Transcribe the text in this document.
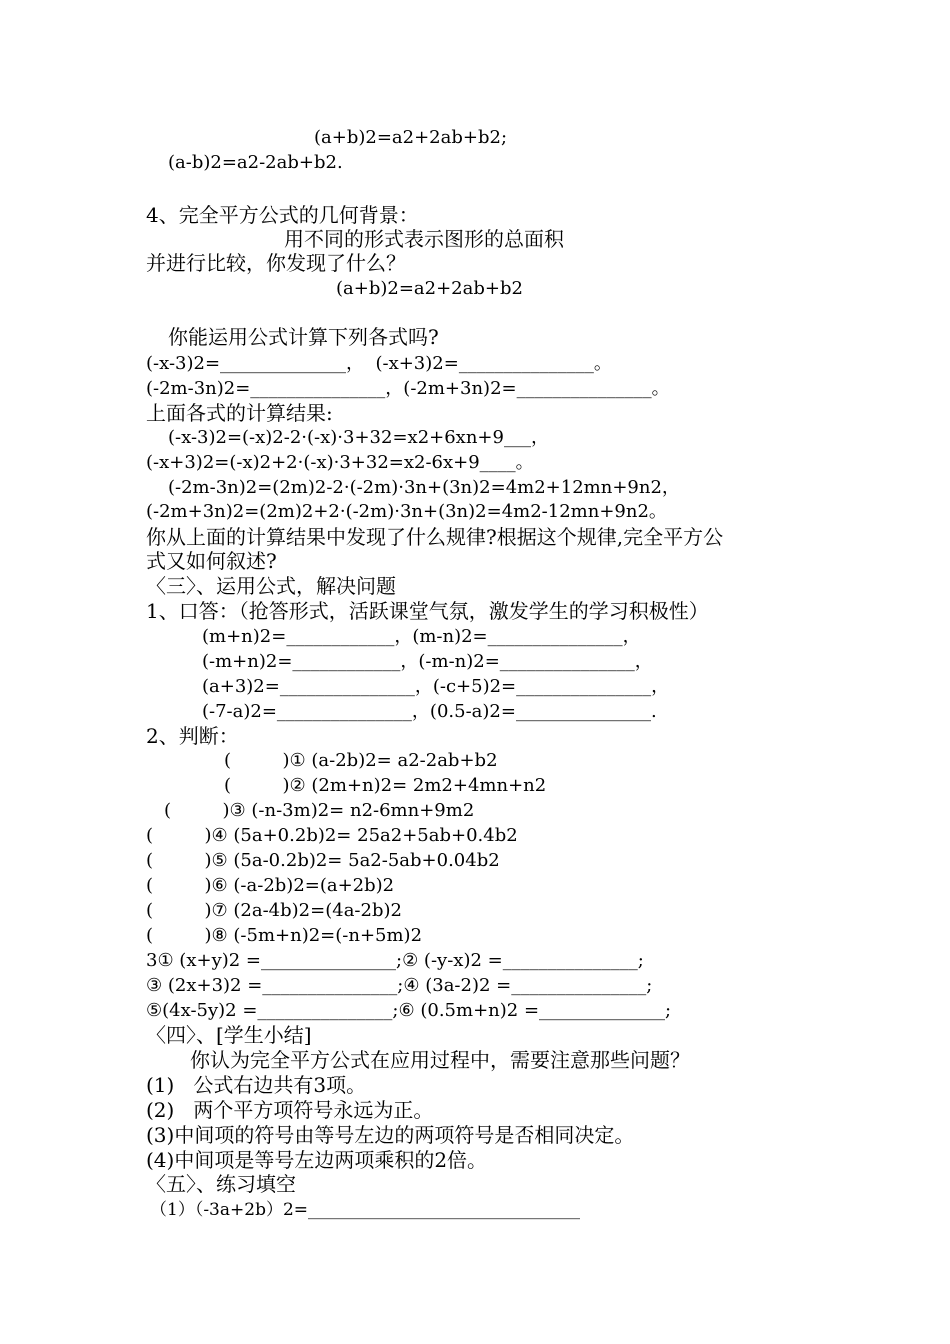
(a+b)2=a2+2ab+b2;
(a-b)2=a2-2ab+b2.
4、完全平方公式的几何背景：
用不同的形式表示图形的总面积
并进行比较，你发现了什么？
(a+b)2=a2+2ab+b2
你能运用公式计算下列各式吗?
(-x-3)2=______________，  (-x+3)2=_______________。
(-2m-3n)2=_______________，(-2m+3n)2=_______________。
上面各式的计算结果:
(-x-3)2=(-x)2-2·(-x)·3+32=x2+6xn+9___，
(-x+3)2=(-x)2+2·(-x)·3+32=x2-6x+9____。
(-2m-3n)2=(2m)2-2·(-2m)·3n+(3n)2=4m2+12mn+9n2，
(-2m+3n)2=(2m)2+2·(-2m)·3n+(3n)2=4m2-12mn+9n2。
你从上面的计算结果中发现了什么规律?根据这个规律,完全平方公
式又如何叙述?
〈三〉、运用公式，解决问题
1、口答：（抢答形式，活跃课堂气氛，激发学生的学习积极性）
(m+n)2=____________，(m-n)2=_______________，
(-m+n)2=____________，(-m-n)2=_______________，
(a+3)2=_______________，(-c+5)2=_______________，
(-7-a)2=_______________，(0.5-a)2=_______________.
2、判断：
(         )① (a-2b)2= a2-2ab+b2
(         )② (2m+n)2= 2m2+4mn+n2
(         )③ (-n-3m)2= n2-6mn+9m2
(         )④ (5a+0.2b)2= 25a2+5ab+0.4b2
(         )⑤ (5a-0.2b)2= 5a2-5ab+0.04b2
(         )⑥ (-a-2b)2=(a+2b)2
(         )⑦ (2a-4b)2=(4a-2b)2
(         )⑧ (-5m+n)2=(-n+5m)2
3① (x+y)2 =_______________;② (-y-x)2 =_______________;
③ (2x+3)2 =_______________;④ (3a-2)2 =_______________;
⑤(4x-5y)2 =_______________;⑥ (0.5m+n)2 =______________;
〈四〉、[学生小结]
你认为完全平方公式在应用过程中，需要注意那些问题？
(1)   公式右边共有3项。
(2)   两个平方项符号永远为正。
(3)中间项的符号由等号左边的两项符号是否相同决定。
(4)中间项是等号左边两项乘积的2倍。
〈五〉、练习填空
（1）（-3a+2b）2=________________________________
